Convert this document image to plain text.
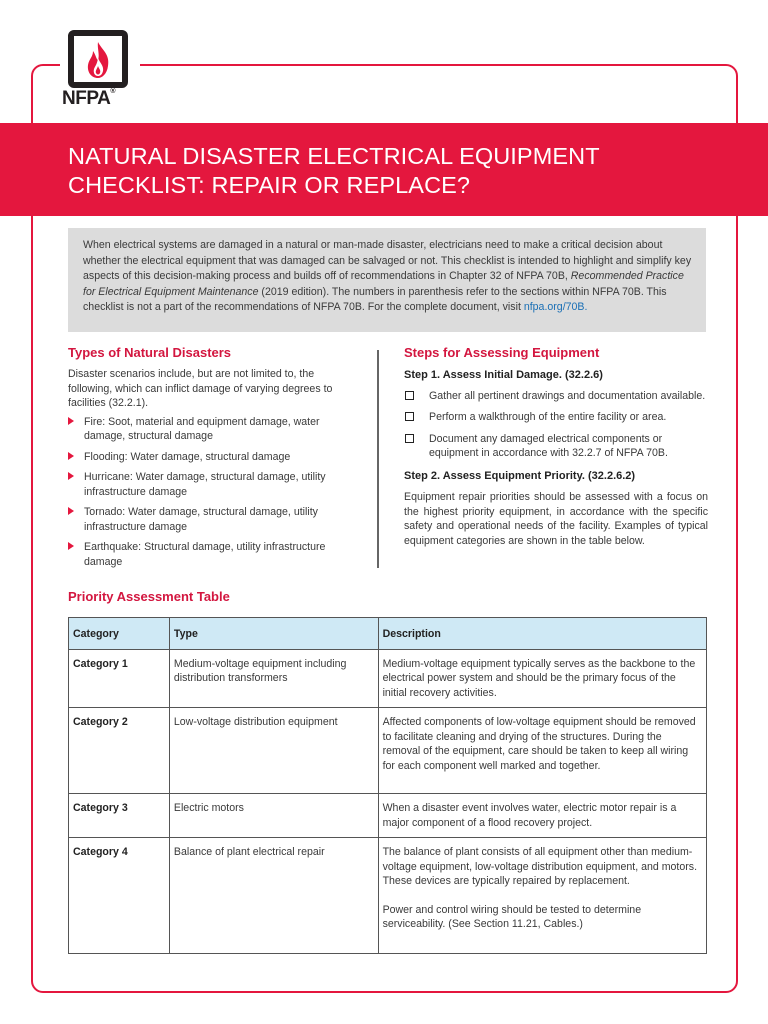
NFPA®
NATURAL DISASTER ELECTRICAL EQUIPMENT CHECKLIST: REPAIR OR REPLACE?
When electrical systems are damaged in a natural or man-made disaster, electricians need to make a critical decision about whether the electrical equipment that was damaged can be salvaged or not. This checklist is intended to highlight and simplify key aspects of this decision-making process and builds off of recommendations in Chapter 32 of NFPA 70B, Recommended Practice for Electrical Equipment Maintenance (2019 edition). The numbers in parenthesis refer to the sections within NFPA 70B. This checklist is not a part of the recommendations of NFPA 70B. For the complete document, visit nfpa.org/70B.
Types of Natural Disasters

Disaster scenarios include, but are not limited to, the following, which can inflict damage of varying degrees to facilities (32.2.1).

Fire: Soot, material and equipment damage, water damage, structural damage
Flooding: Water damage, structural damage
Hurricane: Water damage, structural damage, utility infrastructure damage
Tornado: Water damage, structural damage, utility infrastructure damage
Earthquake: Structural damage, utility infrastructure damage
Steps for Assessing Equipment

Step 1. Assess Initial Damage. (32.2.6)

Gather all pertinent drawings and documentation available.
Perform a walkthrough of the entire facility or area.
Document any damaged electrical components or equipment in accordance with 32.2.7 of NFPA 70B.

Step 2. Assess Equipment Priority. (32.2.6.2)

Equipment repair priorities should be assessed with a focus on the highest priority equipment, in accordance with the specific safety and operational needs of the facility. Examples of typical equipment categories are shown in the table below.

Priority Assessment Table
Category	Type	Description
Category 1	Medium-voltage equipment including distribution transformers	Medium-voltage equipment typically serves as the backbone to the electrical power system and should be the primary focus of the initial recovery activities.

Category 2	Low-voltage distribution equipment	Affected components of low-voltage equipment should be removed to facilitate cleaning and drying of the structures. During the removal of the equipment, care should be taken to keep all wiring for each component well marked and together.

Category 3	Electric motors	When a disaster event involves water, electric motor repair is a major component of a flood recovery project.

Category 4	Balance of plant electrical repair	The balance of plant consists of all equipment other than medium-voltage equipment, low-voltage distribution equipment, and motors. These devices are typically repaired by replacement.

Power and control wiring should be tested to determine serviceability. (See Section 11.21, Cables.)
